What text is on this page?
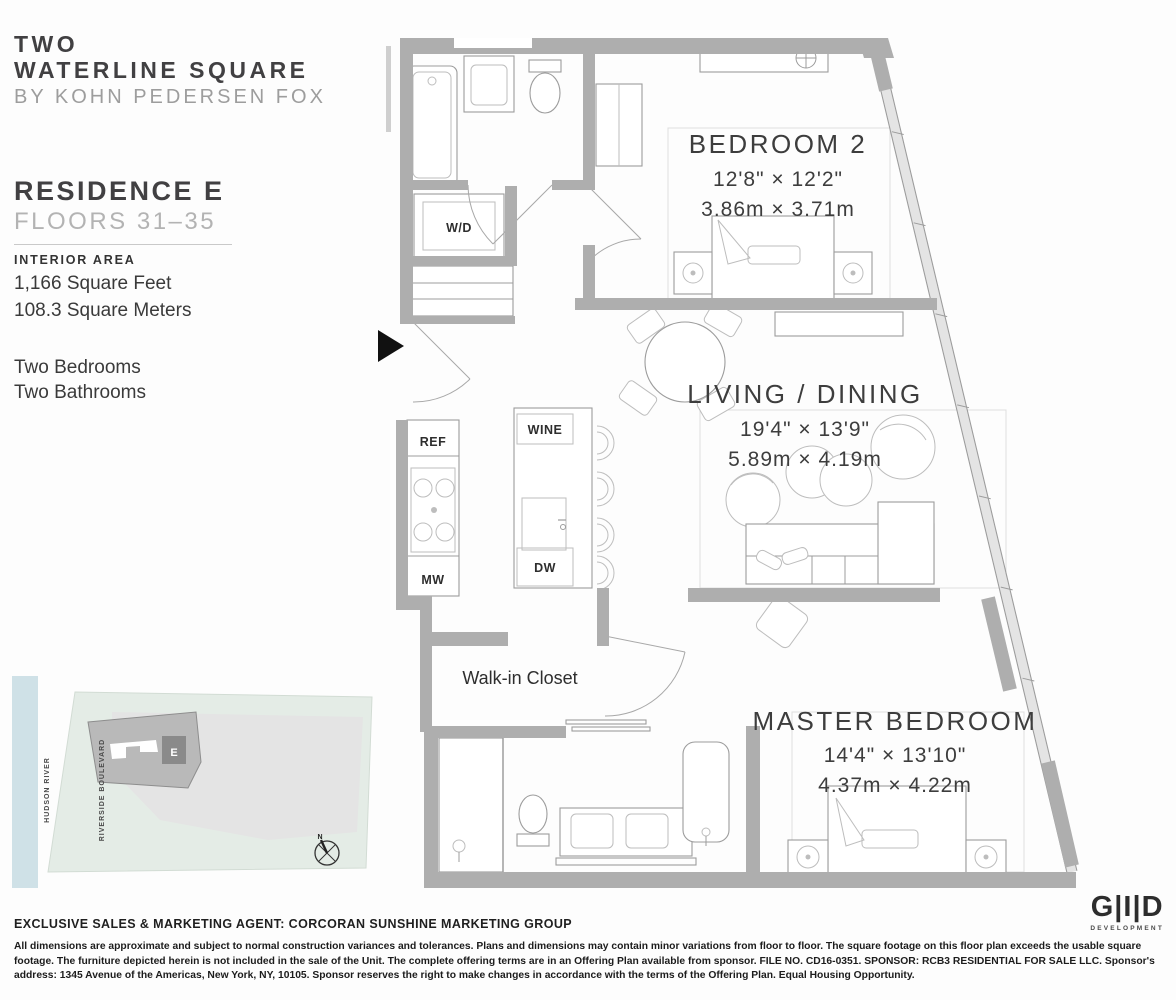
TWO
WATERLINE SQUARE
BY KOHN PEDERSEN FOX
RESIDENCE E
FLOORS 31–35
INTERIOR AREA
1,166 Square Feet
108.3 Square Meters
Two Bedrooms
Two Bathrooms
W/D
REF
MW
WINE
DW
BEDROOM 2
12'8" × 12'2"
3.86m × 3.71m
LIVING / DINING
19'4" × 13'9"
5.89m × 4.19m
MASTER BEDROOM
14'4" × 13'10"
4.37m × 4.22m
Walk-in Closet
E
HUDSON RIVER	RIVERSIDE BOULEVARD	N
EXCLUSIVE SALES & MARKETING AGENT: CORCORAN SUNSHINE MARKETING GROUP
All dimensions are approximate and subject to normal construction variances and tolerances. Plans and dimensions may contain minor variations from floor to floor. The square footage on this floor plan exceeds the usable square footage. The furniture depicted herein is not included in the sale of the Unit. The complete offering terms are in an Offering Plan available from sponsor. FILE NO. CD16-0351. SPONSOR: RCB3 RESIDENTIAL FOR SALE LLC. Sponsor's address: 1345 Avenue of the Americas, New York, NY, 10105. Sponsor reserves the right to make changes in accordance with the terms of the Offering Plan. Equal Housing Opportunity.
G|I|D
DEVELOPMENT
